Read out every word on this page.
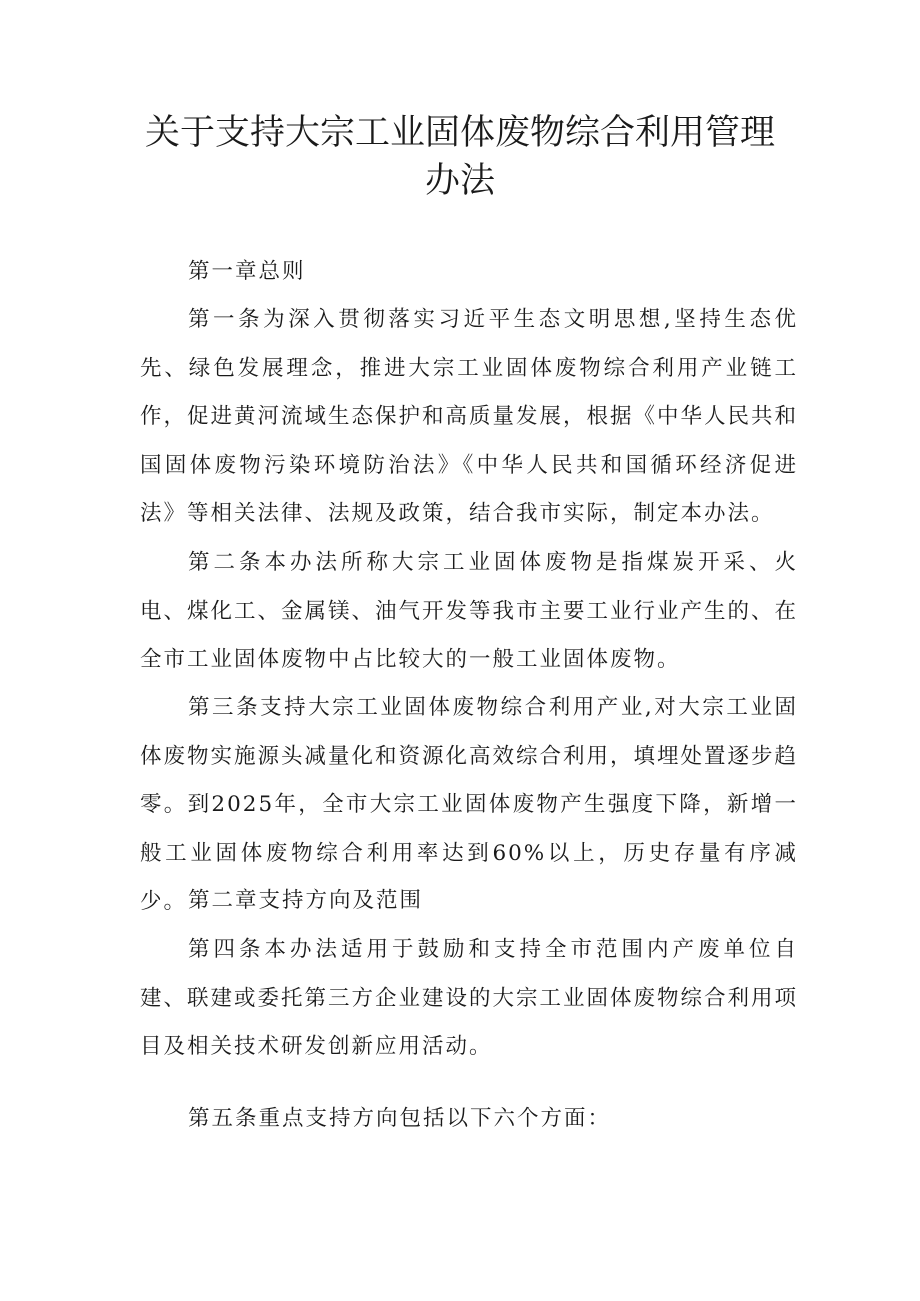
关于支持大宗工业固体废物综合利用管理
办法
第一章总则
第一条为深入贯彻落实习近平生态文明思想,坚持生态优先、绿色发展理念，推进大宗工业固体废物综合利用产业链工作，促进黄河流域生态保护和高质量发展，根据《中华人民共和国固体废物污染环境防治法》《中华人民共和国循环经济促进法》等相关法律、法规及政策，结合我市实际，制定本办法。
第二条本办法所称大宗工业固体废物是指煤炭开采、火电、煤化工、金属镁、油气开发等我市主要工业行业产生的、在全市工业固体废物中占比较大的一般工业固体废物。
第三条支持大宗工业固体废物综合利用产业,对大宗工业固体废物实施源头减量化和资源化高效综合利用，填埋处置逐步趋零。到2025年，全市大宗工业固体废物产生强度下降，新增一般工业固体废物综合利用率达到60%以上，历史存量有序减少。 第二章支持方向及范围
第四条本办法适用于鼓励和支持全市范围内产废单位自建、联建或委托第三方企业建设的大宗工业固体废物综合利用项目及相关技术研发创新应用活动。
第五条重点支持方向包括以下六个方面：
